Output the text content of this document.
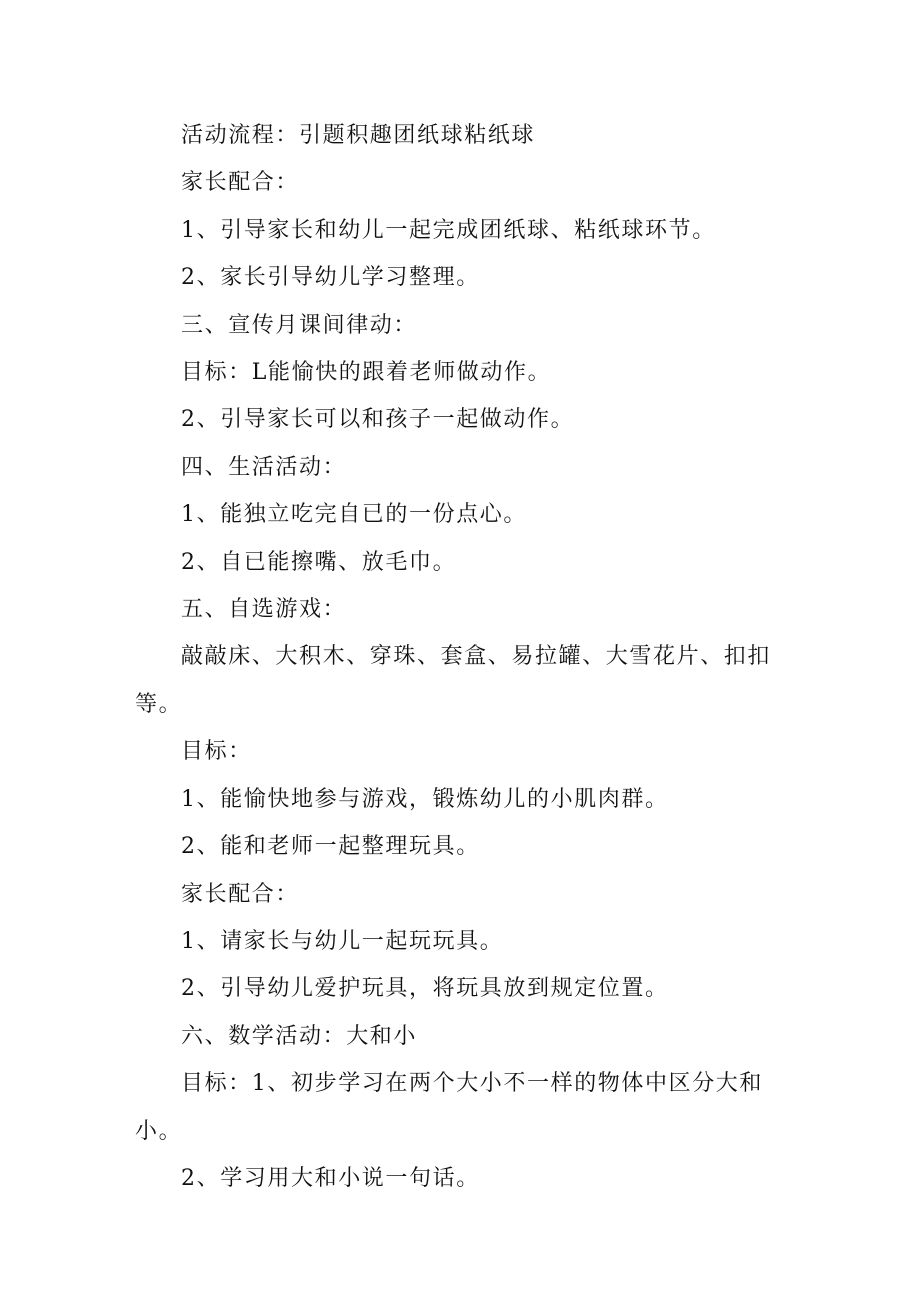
活动流程：引题积趣团纸球粘纸球

家长配合：

1、引导家长和幼儿一起完成团纸球、粘纸球环节。

2、家长引导幼儿学习整理。

三、宣传月课间律动：

目标：L能愉快的跟着老师做动作。

2、引导家长可以和孩子一起做动作。

四、生活活动：

1、能独立吃完自已的一份点心。

2、自已能擦嘴、放毛巾。

五、自选游戏：

敲敲床、大积木、穿珠、套盒、易拉罐、大雪花片、扣扣等。

目标：

1、能愉快地参与游戏，锻炼幼儿的小肌肉群。

2、能和老师一起整理玩具。

家长配合：

1、请家长与幼儿一起玩玩具。

2、引导幼儿爱护玩具，将玩具放到规定位置。

六、数学活动：大和小

目标：1、初步学习在两个大小不一样的物体中区分大和小。

2、学习用大和小说一句话。
